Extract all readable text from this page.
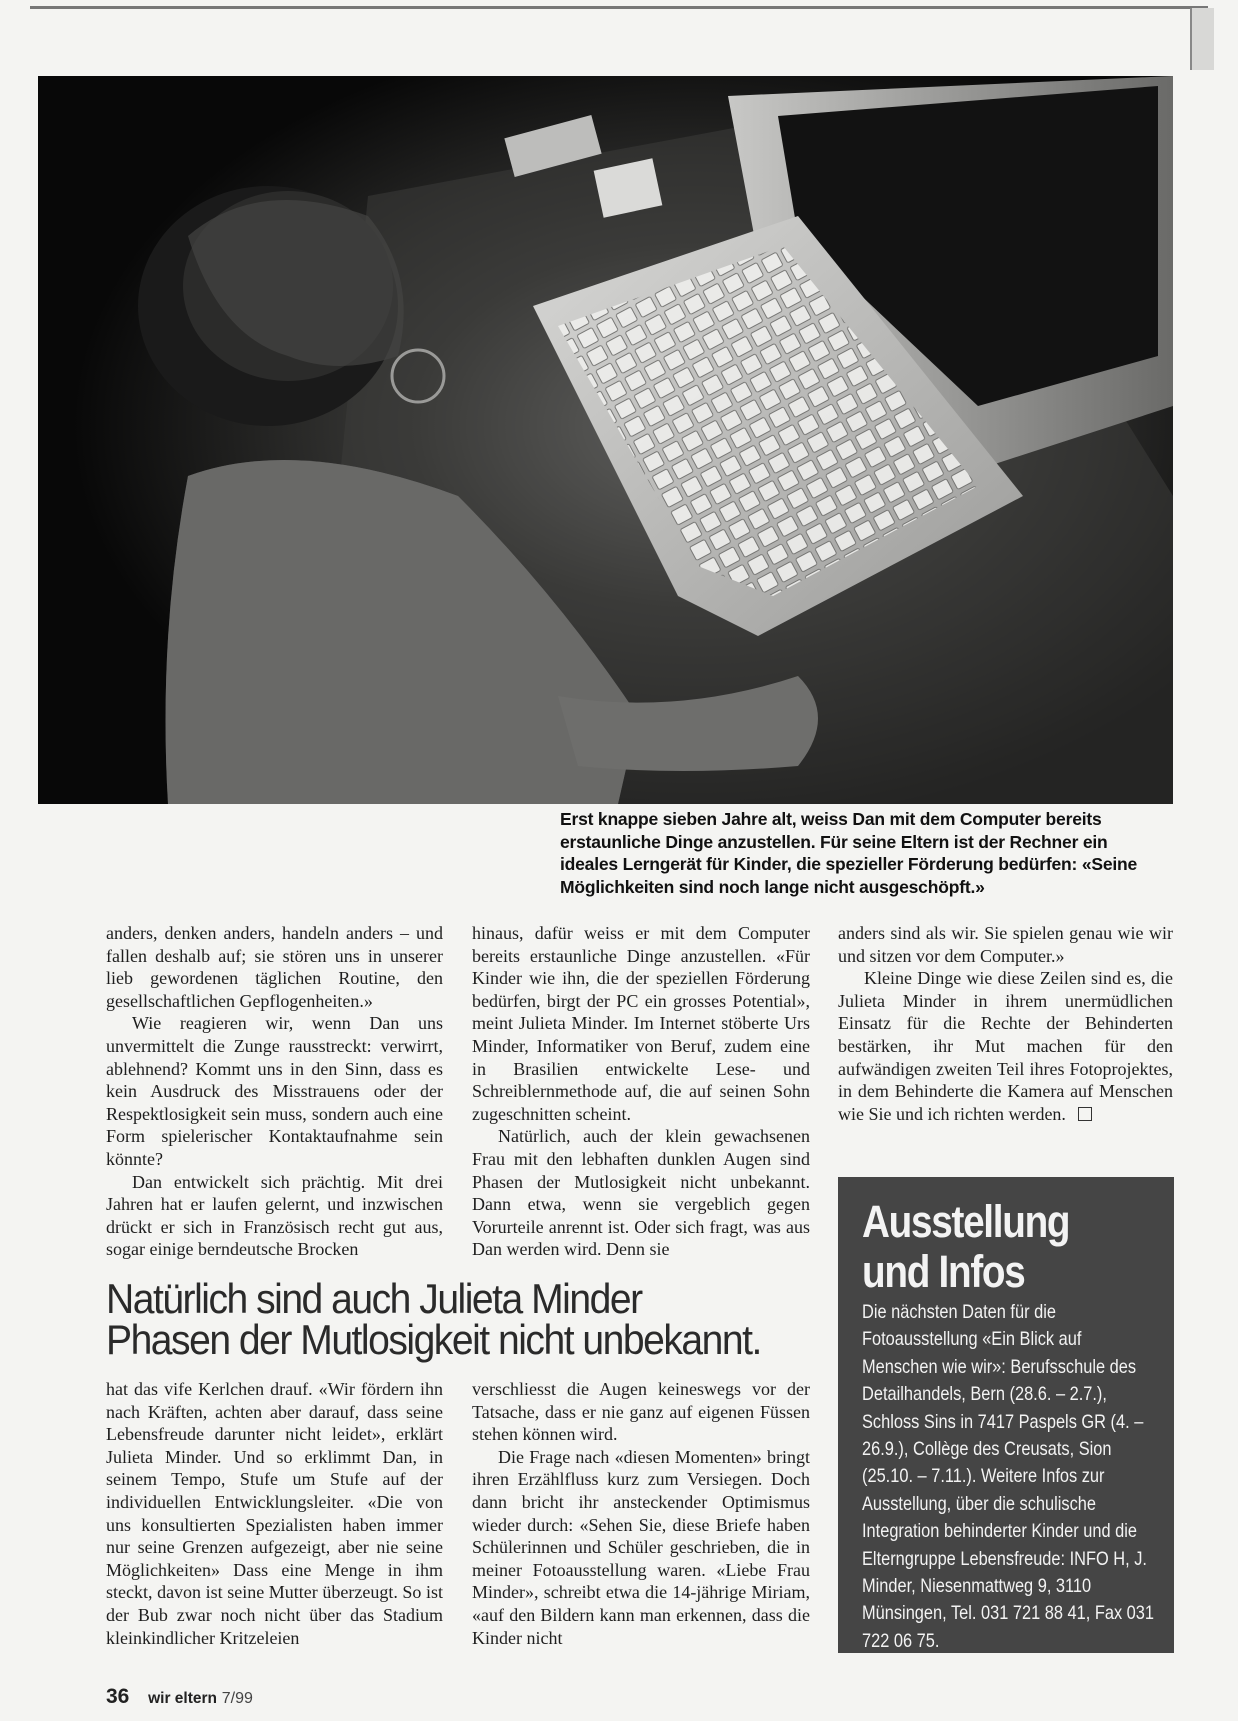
Erst knappe sieben Jahre alt, weiss Dan mit dem Computer bereits erstaunliche Dinge anzustellen. Für seine Eltern ist der Rechner ein ideales Lerngerät für Kinder, die spezieller Förderung bedürfen: «Seine Möglichkeiten sind noch lange nicht ausgeschöpft.»

anders, denken anders, handeln anders – und fallen deshalb auf; sie stören uns in unserer lieb gewordenen täglichen Routine, den gesellschaftlichen Gepflogenheiten.»

Wie reagieren wir, wenn Dan uns unvermittelt die Zunge rausstreckt: verwirrt, ablehnend? Kommt uns in den Sinn, dass es kein Ausdruck des Misstrauens oder der Respektlosigkeit sein muss, sondern auch eine Form spielerischer Kontaktaufnahme sein könnte?

Dan entwickelt sich prächtig. Mit drei Jahren hat er laufen gelernt, und inzwischen drückt er sich in Französisch recht gut aus, sogar einige berndeutsche Brocken

hinaus, dafür weiss er mit dem Computer bereits erstaunliche Dinge anzustellen. «Für Kinder wie ihn, die der speziellen Förderung bedürfen, birgt der PC ein grosses Potential», meint Julieta Minder. Im Internet stöberte Urs Minder, Informatiker von Beruf, zudem eine in Brasilien entwickelte Lese- und Schreiblernmethode auf, die auf seinen Sohn zugeschnitten scheint.

Natürlich, auch der klein gewachsenen Frau mit den lebhaften dunklen Augen sind Phasen der Mutlosigkeit nicht unbekannt. Dann etwa, wenn sie vergeblich gegen Vorurteile anrennt ist. Oder sich fragt, was aus Dan werden wird. Denn sie

anders sind als wir. Sie spielen genau wie wir und sitzen vor dem Computer.»

Kleine Dinge wie diese Zeilen sind es, die Julieta Minder in ihrem unermüdlichen Einsatz für die Rechte der Behinderten bestärken, ihr Mut machen für den aufwändigen zweiten Teil ihres Fotoprojektes, in dem Behinderte die Kamera auf Menschen wie Sie und ich richten werden.

Natürlich sind auch Julieta Minder
Phasen der Mutlosigkeit nicht unbekannt.

hat das vife Kerlchen drauf. «Wir fördern ihn nach Kräften, achten aber darauf, dass seine Lebensfreude darunter nicht leidet», erklärt Julieta Minder. Und so erklimmt Dan, in seinem Tempo, Stufe um Stufe auf der individuellen Entwicklungsleiter. «Die von uns konsultierten Spezialisten haben immer nur seine Grenzen aufgezeigt, aber nie seine Möglichkeiten» Dass eine Menge in ihm steckt, davon ist seine Mutter überzeugt. So ist der Bub zwar noch nicht über das Stadium kleinkindlicher Kritzeleien

verschliesst die Augen keineswegs vor der Tatsache, dass er nie ganz auf eigenen Füssen stehen können wird.

Die Frage nach «diesen Momenten» bringt ihren Erzählfluss kurz zum Versiegen. Doch dann bricht ihr ansteckender Optimismus wieder durch: «Sehen Sie, diese Briefe haben Schülerinnen und Schüler geschrieben, die in meiner Fotoausstellung waren. «Liebe Frau Minder», schreibt etwa die 14-jährige Miriam, «auf den Bildern kann man erkennen, dass die Kinder nicht

Ausstellung
und Infos
Die nächsten Daten für die Fotoausstellung «Ein Blick auf Menschen wie wir»: Berufsschule des Detailhandels, Bern (28.6. – 2.7.), Schloss Sins in 7417 Paspels GR (4. – 26.9.), Collège des Creusats, Sion (25.10. – 7.11.). Weitere Infos zur Ausstellung, über die schulische Integration behinderter Kinder und die Elterngruppe Lebensfreude: INFO H, J. Minder, Niesenmattweg 9, 3110 Münsingen, Tel. 031 721 88 41, Fax 031 722 06 75.
36 wir eltern 7/99
